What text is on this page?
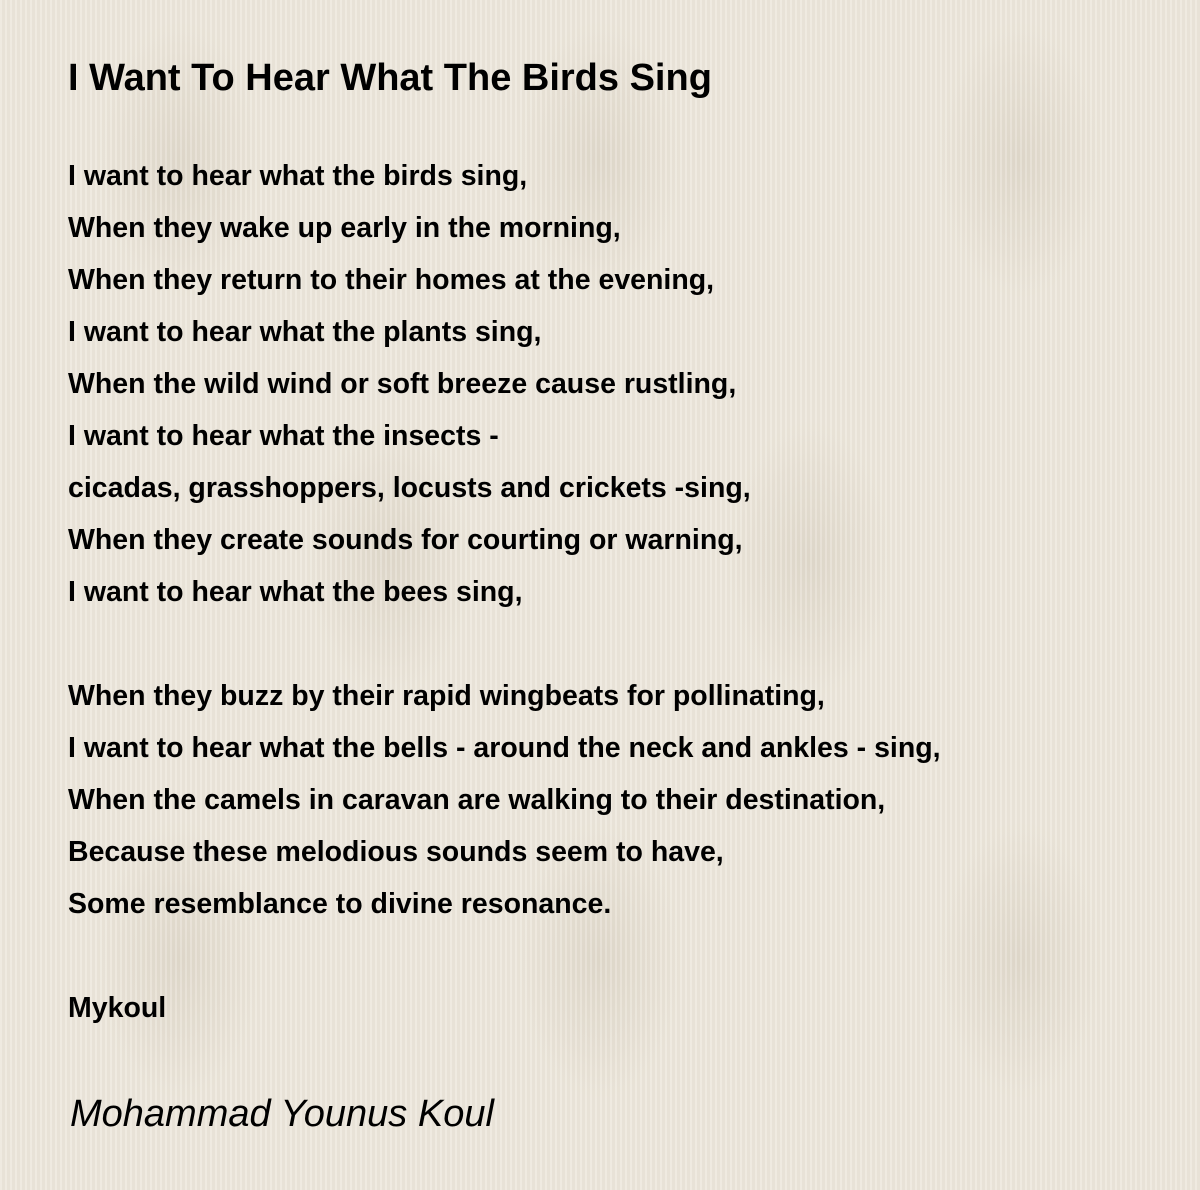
I Want To Hear What The Birds Sing
I want to hear what the birds sing,
When they wake up early in the morning,
When they return to their homes at the evening,
I want to hear what the plants sing,
When the wild wind or soft breeze cause rustling,
I want to hear what the insects -
cicadas, grasshoppers, locusts and crickets -sing,
When they create sounds for courting or warning,
I want to hear what the bees sing,
When they buzz by their rapid wingbeats for pollinating,
I want to hear what the bells - around the neck and ankles - sing,
When the camels in caravan are walking to their destination,
Because these melodious sounds seem to have,
Some resemblance to divine resonance.
Mykoul
Mohammad Younus Koul
